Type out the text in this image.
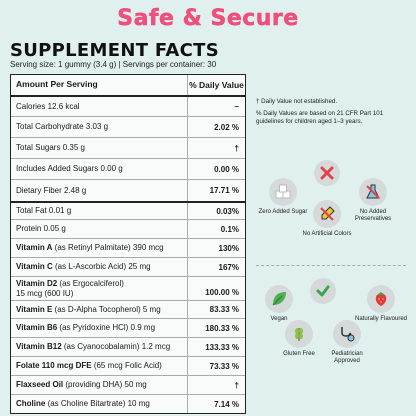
Safe & Secure
SUPPLEMENT FACTS
Serving size: 1 gummy (3.4 g) | Servings per container: 30
Amount Per Serving	% Daily Value
Calories 12.6 kcal	–
Total Carbohydrate 3.03 g	2.02 %
Total Sugars 0.35 g	†
Includes Added Sugars 0.00 g	0.00 %
Dietary Fiber 2.48 g	17.71 %
Total Fat 0.01 g	0.03%
Protein 0.05 g	0.1%
Vitamin A (as Retinyl Palmitate) 390 mcg	130%
Vitamin C (as L-Ascorbic Acid) 25 mg	167%
Vitamin D2 (as Ergocalciferol)
15 mcg (600 IU)	100.00 %
Vitamin E (as D-Alpha Tocopherol) 5 mg	83.33 %
Vitamin B6 (as Pyridoxine HCl) 0.9 mg	180.33 %
Vitamin B12 (as Cyanocobalamin) 1.2 mcg	133.33 %
Folate 110 mcg DFE (65 mcg Folic Acid)	73.33 %
Flaxseed Oil (providing DHA) 50 mg	†
Choline (as Choline Bitartrate) 10 mg	7.14 %
† Daily Value not established.
% Daily Values are based on 21 CFR Part 101 guidelines for children aged 1–3 years.
Zero Added Sugar
No Artificial Colors
No Added Preservatives
Vegan
Gluten Free	Pediatrician Approved
Naturally Flavoured
